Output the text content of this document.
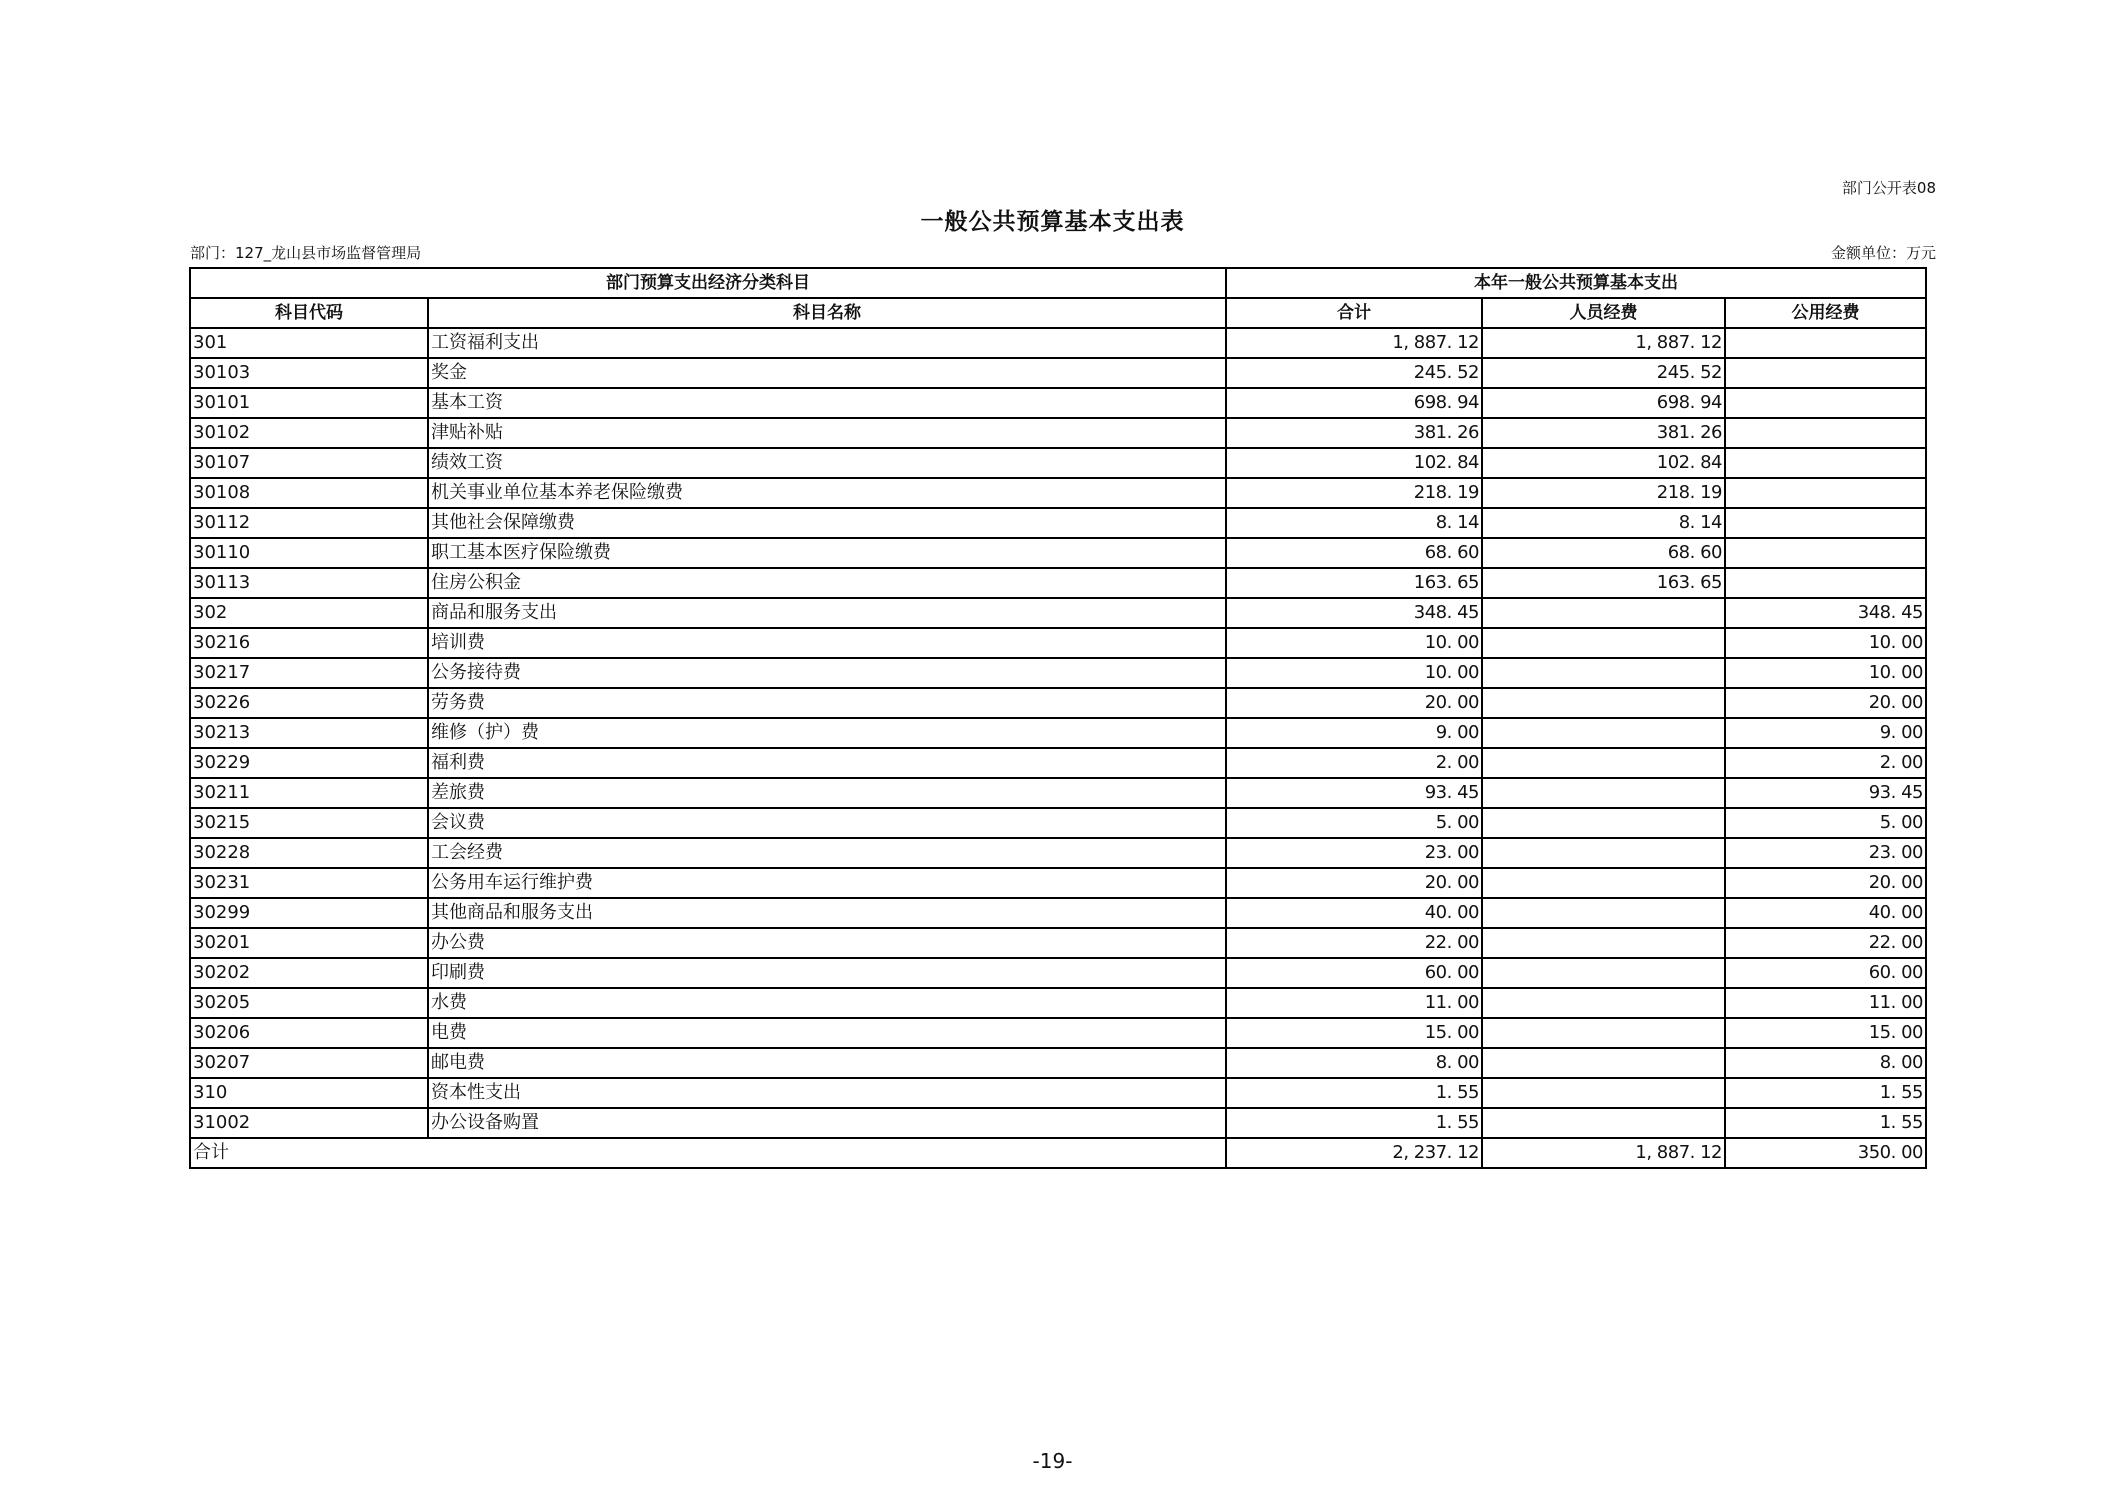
部门公开表08
一般公共预算基本支出表
部门：127_龙山县市场监督管理局	金额单位：万元
部门预算支出经济分类科目		本年一般公共预算基本支出		
科目代码	科目名称	合计	人员经费	公用经费
301	工资福利支出	1, 887. 12	1, 887. 12	
30103	奖金	245. 52	245. 52	
30101	基本工资	698. 94	698. 94	
30102	津贴补贴	381. 26	381. 26	
30107	绩效工资	102. 84	102. 84	
30108	机关事业单位基本养老保险缴费	218. 19	218. 19	
30112	其他社会保障缴费	8. 14	8. 14	
30110	职工基本医疗保险缴费	68. 60	68. 60	
30113	住房公积金	163. 65	163. 65	
302	商品和服务支出	348. 45		348. 45
30216	培训费	10. 00		10. 00
30217	公务接待费	10. 00		10. 00
30226	劳务费	20. 00		20. 00
30213	维修（护）费	9. 00		9. 00
30229	福利费	2. 00		2. 00
30211	差旅费	93. 45		93. 45
30215	会议费	5. 00		5. 00
30228	工会经费	23. 00		23. 00
30231	公务用车运行维护费	20. 00		20. 00
30299	其他商品和服务支出	40. 00		40. 00
30201	办公费	22. 00		22. 00
30202	印刷费	60. 00		60. 00
30205	水费	11. 00		11. 00
30206	电费	15. 00		15. 00
30207	邮电费	8. 00		8. 00
310	资本性支出	1. 55		1. 55
31002	办公设备购置	1. 55		1. 55
合计		2, 237. 12	1, 887. 12	350. 00
-19-
